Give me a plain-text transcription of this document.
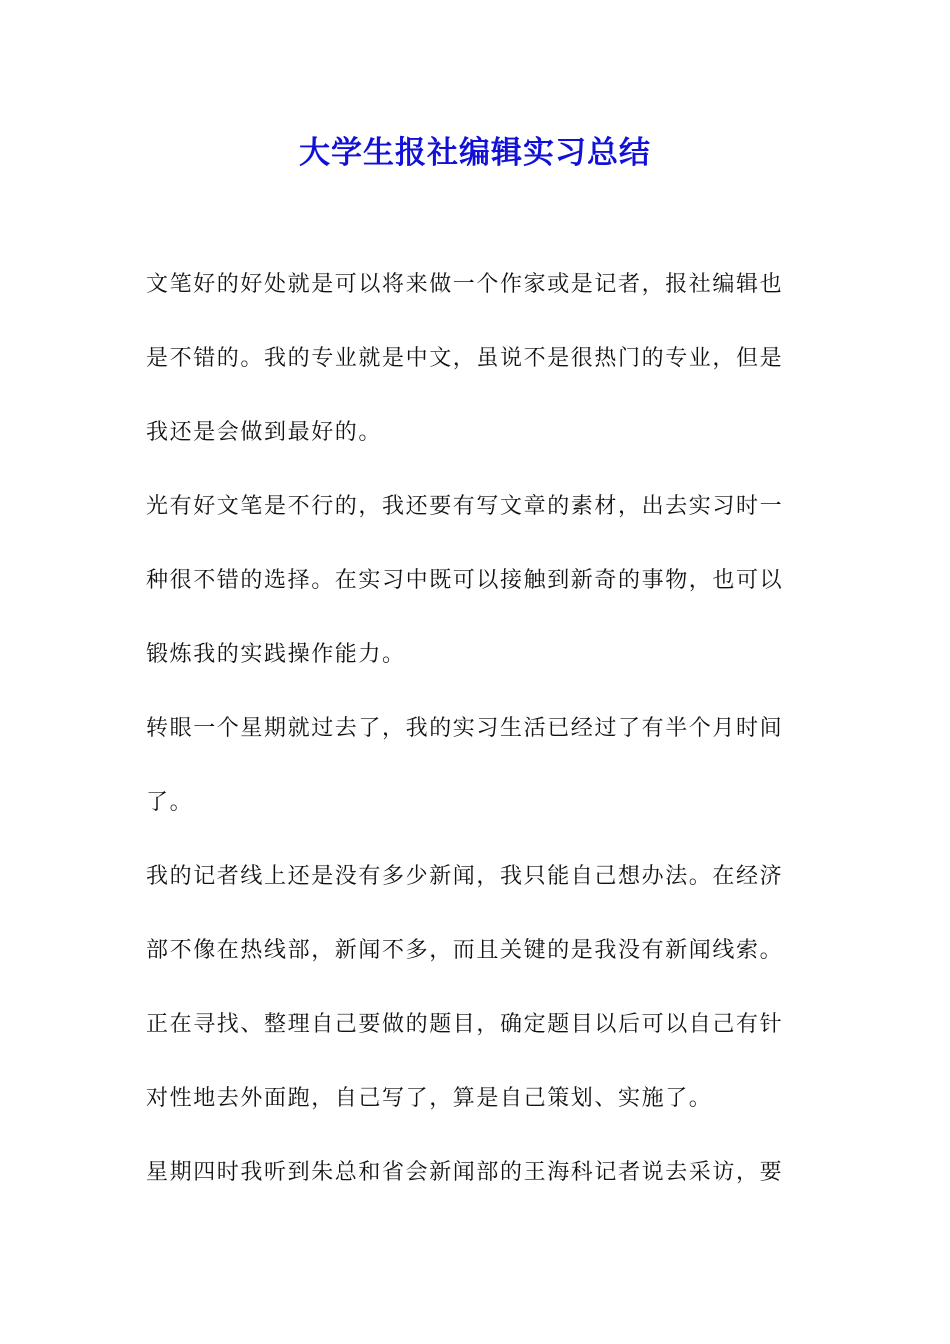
大学生报社编辑实习总结
文笔好的好处就是可以将来做一个作家或是记者，报社编辑也
是不错的。我的专业就是中文，虽说不是很热门的专业，但是
我还是会做到最好的。
光有好文笔是不行的，我还要有写文章的素材，出去实习时一
种很不错的选择。在实习中既可以接触到新奇的事物，也可以
锻炼我的实践操作能力。
转眼一个星期就过去了，我的实习生活已经过了有半个月时间
了。
我的记者线上还是没有多少新闻，我只能自己想办法。在经济
部不像在热线部，新闻不多，而且关键的是我没有新闻线索。
正在寻找、整理自己要做的题目，确定题目以后可以自己有针
对性地去外面跑，自己写了，算是自己策划、实施了。
星期四时我听到朱总和省会新闻部的王海科记者说去采访，要
